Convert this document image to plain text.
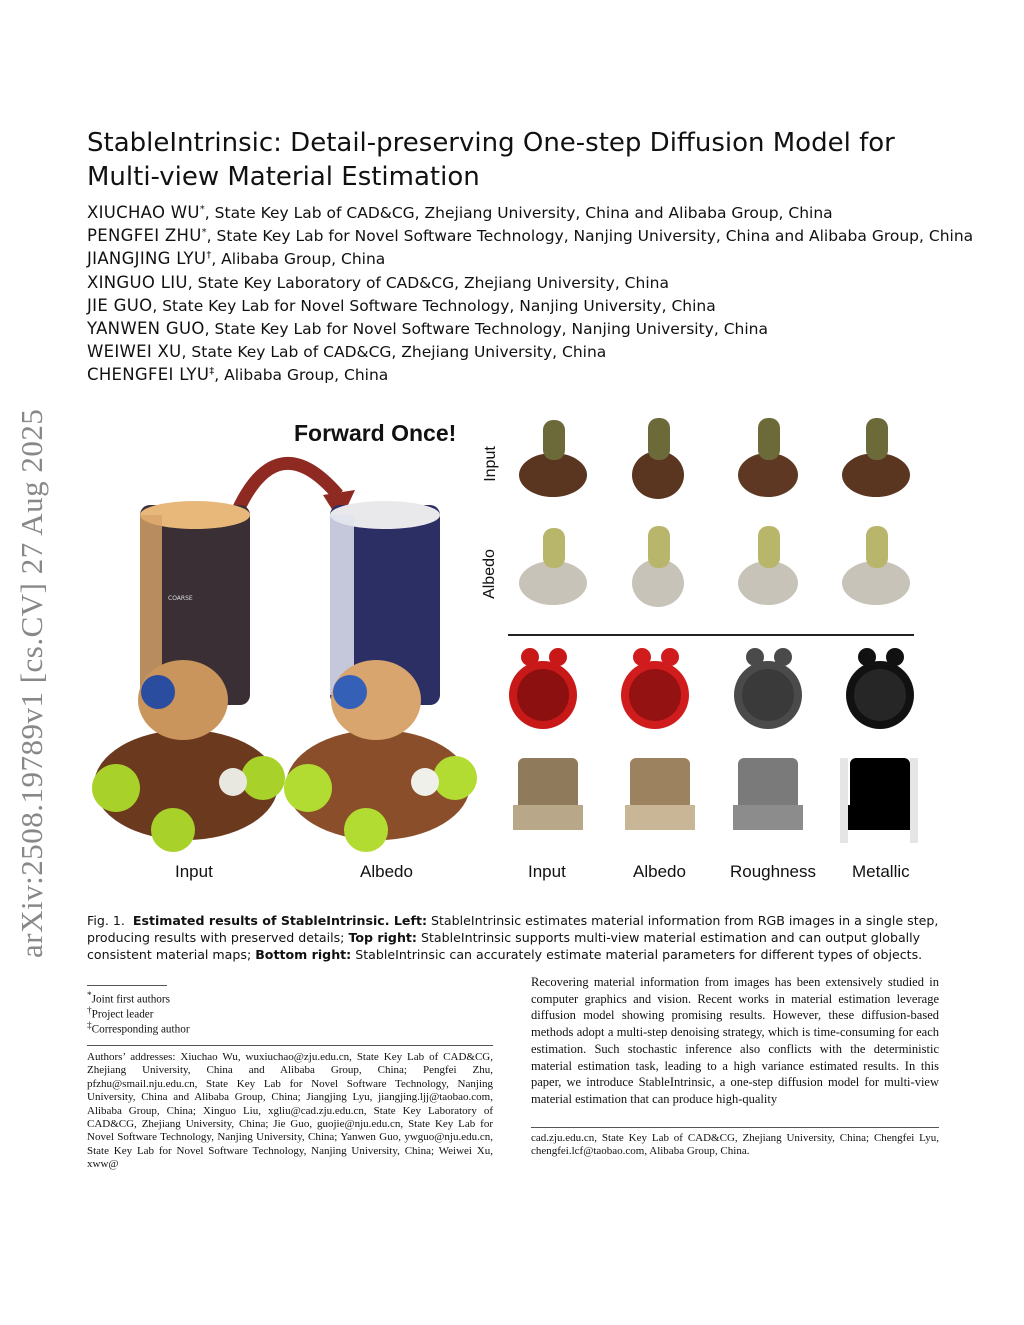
arXiv:2508.19789v1 [cs.CV] 27 Aug 2025
StableIntrinsic: Detail-preserving One-step Diffusion Model for Multi-view Material Estimation
XIUCHAO WU*, State Key Lab of CAD&CG, Zhejiang University, China and Alibaba Group, China
PENGFEI ZHU*, State Key Lab for Novel Software Technology, Nanjing University, China and Alibaba Group, China
JIANGJING LYU†, Alibaba Group, China
XINGUO LIU, State Key Laboratory of CAD&CG, Zhejiang University, China
JIE GUO, State Key Lab for Novel Software Technology, Nanjing University, China
YANWEN GUO, State Key Lab for Novel Software Technology, Nanjing University, China
WEIWEI XU, State Key Lab of CAD&CG, Zhejiang University, China
CHENGFEI LYU‡, Alibaba Group, China
Forward Once!
COARSE
Input	Albedo
Input
Albedo
Input	Albedo	Roughness Metallic
Fig. 1. Estimated results of StableIntrinsic. Left: StableIntrinsic estimates material information from RGB images in a single step, producing results with preserved details; Top right: StableIntrinsic supports multi-view material estimation and can output globally consistent material maps; Bottom right: StableIntrinsic can accurately estimate material parameters for different types of objects.
*Joint first authors
†Project leader
‡Corresponding author
Authors’ addresses: Xiuchao Wu, wuxiuchao@zju.edu.cn, State Key Lab of CAD&CG, Zhejiang University, China and Alibaba Group, China; Pengfei Zhu, pfzhu@smail.nju.edu.cn, State Key Lab for Novel Software Technology, Nanjing University, China and Alibaba Group, China; Jiangjing Lyu, jiangjing.ljj@taobao.com, Alibaba Group, China; Xinguo Liu, xgliu@cad.zju.edu.cn, State Key Laboratory of CAD&CG, Zhejiang University, China; Jie Guo, guojie@nju.edu.cn, State Key Lab for Novel Software Technology, Nanjing University, China; Yanwen Guo, ywguo@nju.edu.cn, State Key Lab for Novel Software Technology, Nanjing University, China; Weiwei Xu, xww@
Recovering material information from images has been extensively studied in computer graphics and vision. Recent works in material estimation leverage diffusion model showing promising results. However, these diffusion-based methods adopt a multi-step denoising strategy, which is time-consuming for each estimation. Such stochastic inference also conflicts with the deterministic material estimation task, leading to a high variance estimated results. In this paper, we introduce StableIntrinsic, a one-step diffusion model for multi-view material estimation that can produce high-quality
cad.zju.edu.cn, State Key Lab of CAD&CG, Zhejiang University, China; Chengfei Lyu, chengfei.lcf@taobao.com, Alibaba Group, China.
